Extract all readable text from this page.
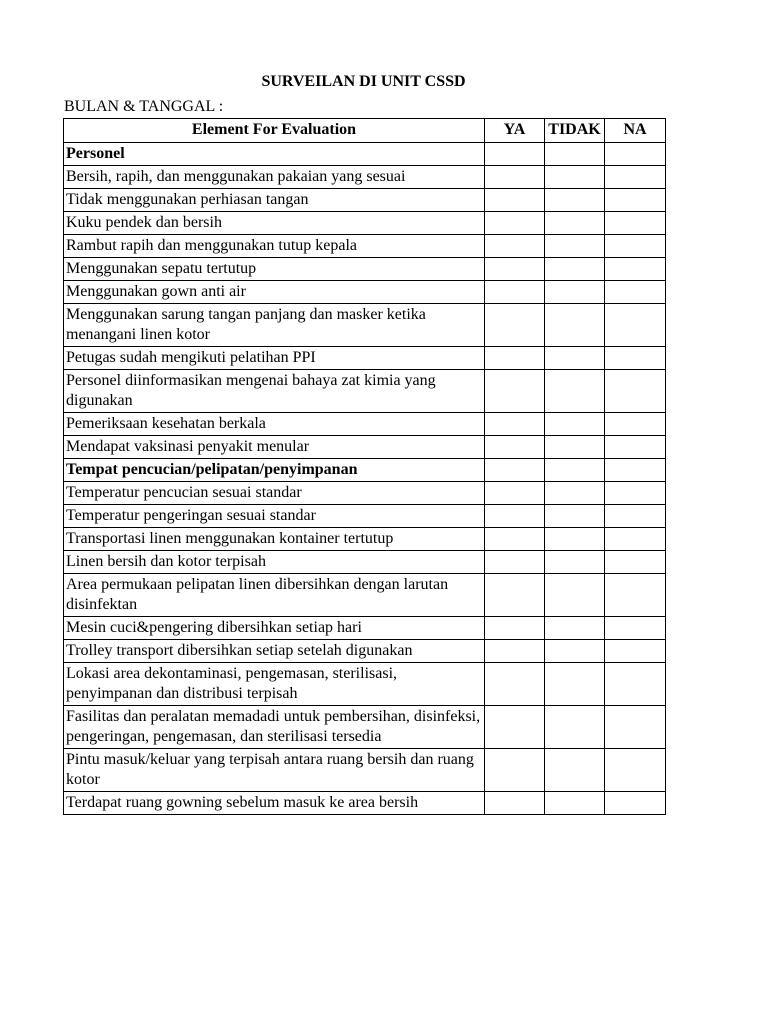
SURVEILAN DI UNIT CSSD
BULAN & TANGGAL :
Element For Evaluation	YA	TIDAK	NA
Personel			
Bersih, rapih, dan menggunakan pakaian yang sesuai			
Tidak menggunakan perhiasan tangan			
Kuku pendek dan bersih			
Rambut rapih dan menggunakan tutup kepala			
Menggunakan sepatu tertutup			
Menggunakan gown anti air			
Menggunakan sarung tangan panjang dan masker ketika menangani linen kotor			
Petugas sudah mengikuti pelatihan PPI			
Personel diinformasikan mengenai bahaya zat kimia yang digunakan			
Pemeriksaan kesehatan berkala			
Mendapat vaksinasi penyakit menular			
Tempat pencucian/pelipatan/penyimpanan			
Temperatur pencucian sesuai standar			
Temperatur pengeringan sesuai standar			
Transportasi linen menggunakan kontainer tertutup			
Linen bersih dan kotor terpisah			
Area permukaan pelipatan linen dibersihkan dengan larutan disinfektan			
Mesin cuci&pengering dibersihkan setiap hari			
Trolley transport dibersihkan setiap setelah digunakan			
Lokasi area dekontaminasi, pengemasan, sterilisasi, penyimpanan dan distribusi terpisah			
Fasilitas dan peralatan memadadi untuk pembersihan, disinfeksi, pengeringan, pengemasan, dan sterilisasi tersedia			
Pintu masuk/keluar yang terpisah antara ruang bersih dan ruang kotor			
Terdapat ruang gowning sebelum masuk ke area bersih			
